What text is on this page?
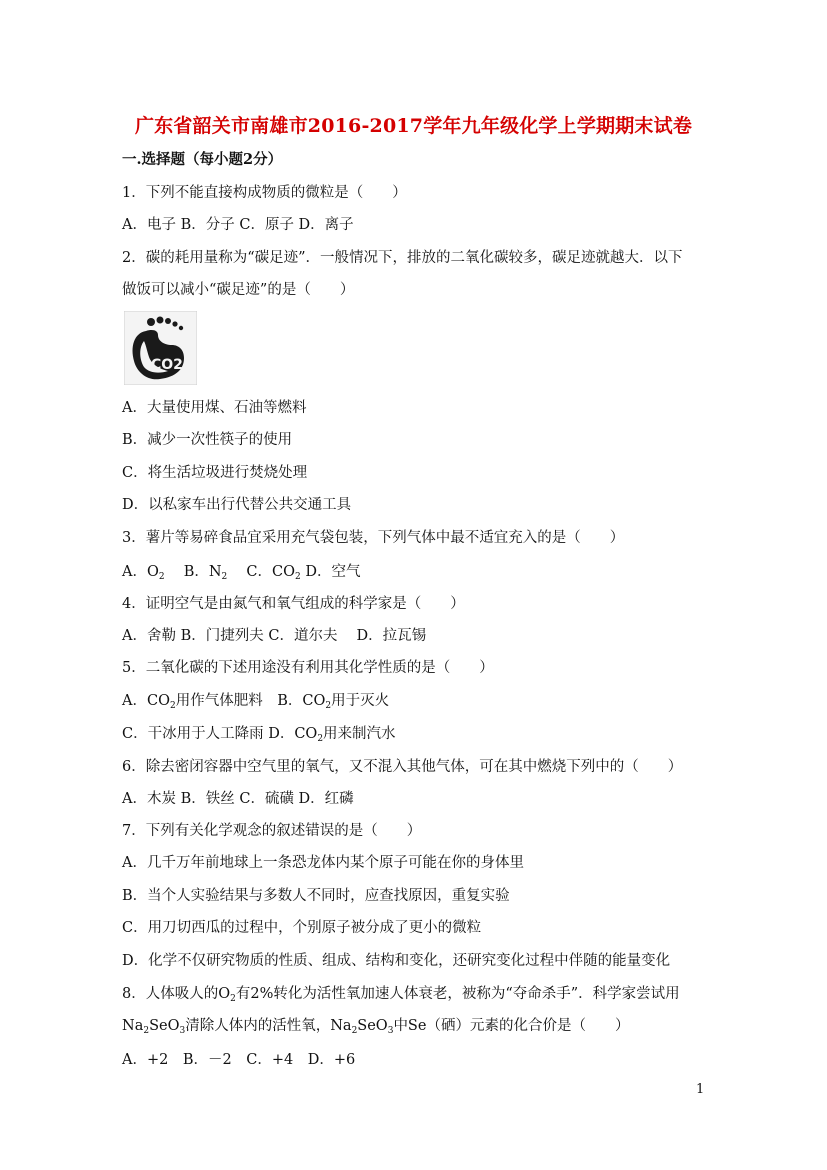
广东省韶关市南雄市2016-2017学年九年级化学上学期期末试卷
一.选择题（每小题2分）
1．下列不能直接构成物质的微粒是（　　）
A．电子 B．分子 C．原子 D．离子
2．碳的耗用量称为“碳足迹”．一般情况下，排放的二氧化碳较多，碳足迹就越大．以下
做饭可以减小“碳足迹”的是（　　）
CO2
A．大量使用煤、石油等燃料
B．减少一次性筷子的使用
C．将生活垃圾进行焚烧处理
D．以私家车出行代替公共交通工具
3．薯片等易碎食品宜采用充气袋包装，下列气体中最不适宜充入的是（　　）
A．$O_2$　 B．$N_2$　 C．$CO_2$ D．空气
4．证明空气是由氮气和氧气组成的科学家是（　　）
A．舍勒 B．门捷列夫 C．道尔夫　 D．拉瓦锡
5．二氧化碳的下述用途没有利用其化学性质的是（　　）
A．$CO_2$用作气体肥料　B．$CO_2$用于灭火
C．干冰用于人工降雨 D．$CO_2$用来制汽水
6．除去密闭容器中空气里的氧气，又不混入其他气体，可在其中燃烧下列中的（　　）
A．木炭 B．铁丝 C．硫磺 D．红磷
7．下列有关化学观念的叙述错误的是（　　）
A．几千万年前地球上一条恐龙体内某个原子可能在你的身体里
B．当个人实验结果与多数人不同时，应查找原因，重复实验
C．用刀切西瓜的过程中，个别原子被分成了更小的微粒
D．化学不仅研究物质的性质、组成、结构和变化，还研究变化过程中伴随的能量变化
8．人体吸人的$O_2$有2%转化为活性氧加速人体衰老，被称为“夺命杀手”．科学家尝试用
$Na_2SeO_3$清除人体内的活性氧，$Na_2SeO_3$中Se（硒）元素的化合价是（　　）
A．+2　B．－2　C．+4　D．+6
1
